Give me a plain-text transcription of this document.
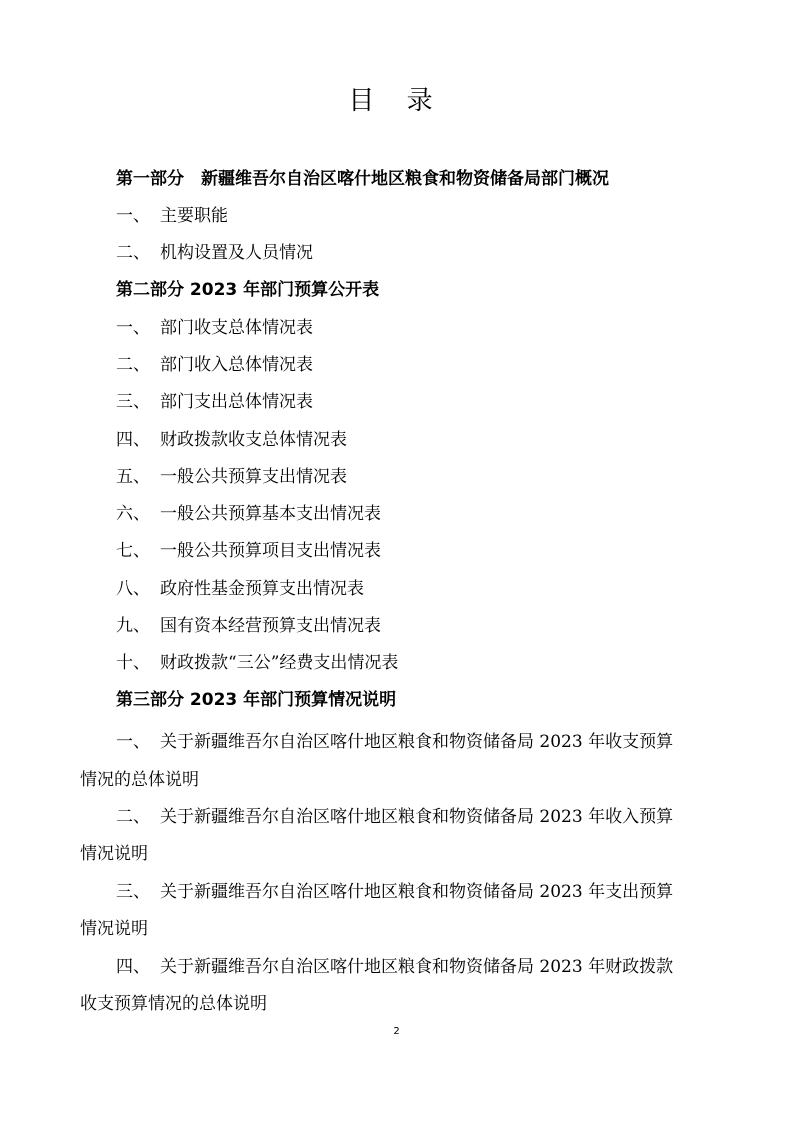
目 录
第一部分　新疆维吾尔自治区喀什地区粮食和物资储备局部门概况
一、 主要职能
二、 机构设置及人员情况
第二部分 2023 年部门预算公开表
一、 部门收支总体情况表
二、 部门收入总体情况表
三、 部门支出总体情况表
四、 财政拨款收支总体情况表
五、 一般公共预算支出情况表
六、 一般公共预算基本支出情况表
七、 一般公共预算项目支出情况表
八、 政府性基金预算支出情况表
九、 国有资本经营预算支出情况表
十、 财政拨款“三公”经费支出情况表
第三部分 2023 年部门预算情况说明
一、 关于新疆维吾尔自治区喀什地区粮食和物资储备局 2023 年收支预算
情况的总体说明
二、 关于新疆维吾尔自治区喀什地区粮食和物资储备局 2023 年收入预算
情况说明
三、 关于新疆维吾尔自治区喀什地区粮食和物资储备局 2023 年支出预算
情况说明
四、 关于新疆维吾尔自治区喀什地区粮食和物资储备局 2023 年财政拨款
收支预算情况的总体说明
2
